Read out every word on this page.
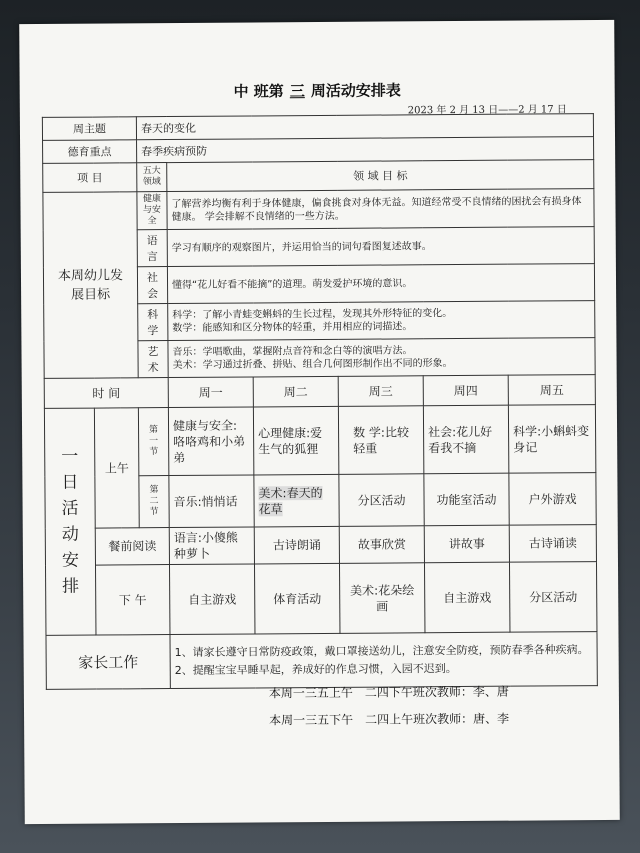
中 班第 三 周活动安排表
2023 年 2 月 13 日——2 月 17 日
周主题		春天的变化					
德育重点		春季疾病预防					
项 目		五大领域	领 域 目 标				
本周幼儿发展目标		健康与安全	了解营养均衡有利于身体健康，偏食挑食对身体无益。知道经常受不良情绪的困扰会有损身体健康。 学会排解不良情绪的一些方法。				
		语言	学习有顺序的观察图片，并运用恰当的词句看图复述故事。				
		社会	懂得“花儿好看不能摘”的道理。萌发爱护环境的意识。				
		科学	科学：了解小青蛙变蝌蚪的生长过程，发现其外形特征的变化。
数学：能感知和区分物体的轻重，并用相应的词描述。				

		艺术	音乐：学唱歌曲，掌握附点音符和念白等的演唱方法。
美术：学习通过折叠、拼贴、组合几何图形制作出不同的形象。				

时 间			周一	周二	周三	周四	周五
一日活动安排	上午	第一节	健康与安全:咯咯鸡和小弟弟	心理健康:爱生气的狐狸	数 学:比较轻重	社会:花儿好看我不摘	科学:小蝌蚪变身记
		第二节	音乐:悄悄话	美术:春天的花草	分区活动	功能室活动	户外游戏
	餐前阅读		语言:小傻熊种萝卜	古诗朗诵	故事欣赏	讲故事	古诗诵读
	下 午		自主游戏	体育活动	美术:花朵绘画	自主游戏	分区活动
家长工作			1、请家长遵守日常防疫政策，戴口罩接送幼儿，注意安全防疫，预防春季各种疾病。
2、提醒宝宝早睡早起，养成好的作息习惯，入园不迟到。				
本周一三五上午　二四下午班次教师：李、唐
本周一三五下午　二四上午班次教师：唐、李
